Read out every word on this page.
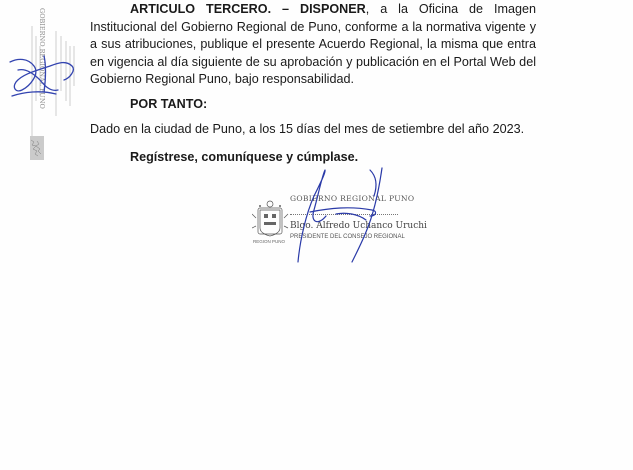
GOBIERNO REGIONAL PUNO	ARTICULO TERCERO. – DISPONER, a la Oficina de Imagen Institucional del Gobierno Regional de Puno, conforme a la normativa vigente y a sus atribuciones, publique el presente Acuerdo Regional, la misma que entra en vigencia al día siguiente de su aprobación y publicación en el Portal Web del Gobierno Regional Puno, bajo responsabilidad.
POR TANTO:
Dado en la ciudad de Puno, a los 15 días del mes de setiembre del año 2023.
Regístrese, comuníquese y cúmplase.
REGION PUNO
GOBIERNO REGIONAL PUNO
Blgo. Alfredo Uchanco Uruchi
PRESIDENTE DEL CONSEJO REGIONAL
